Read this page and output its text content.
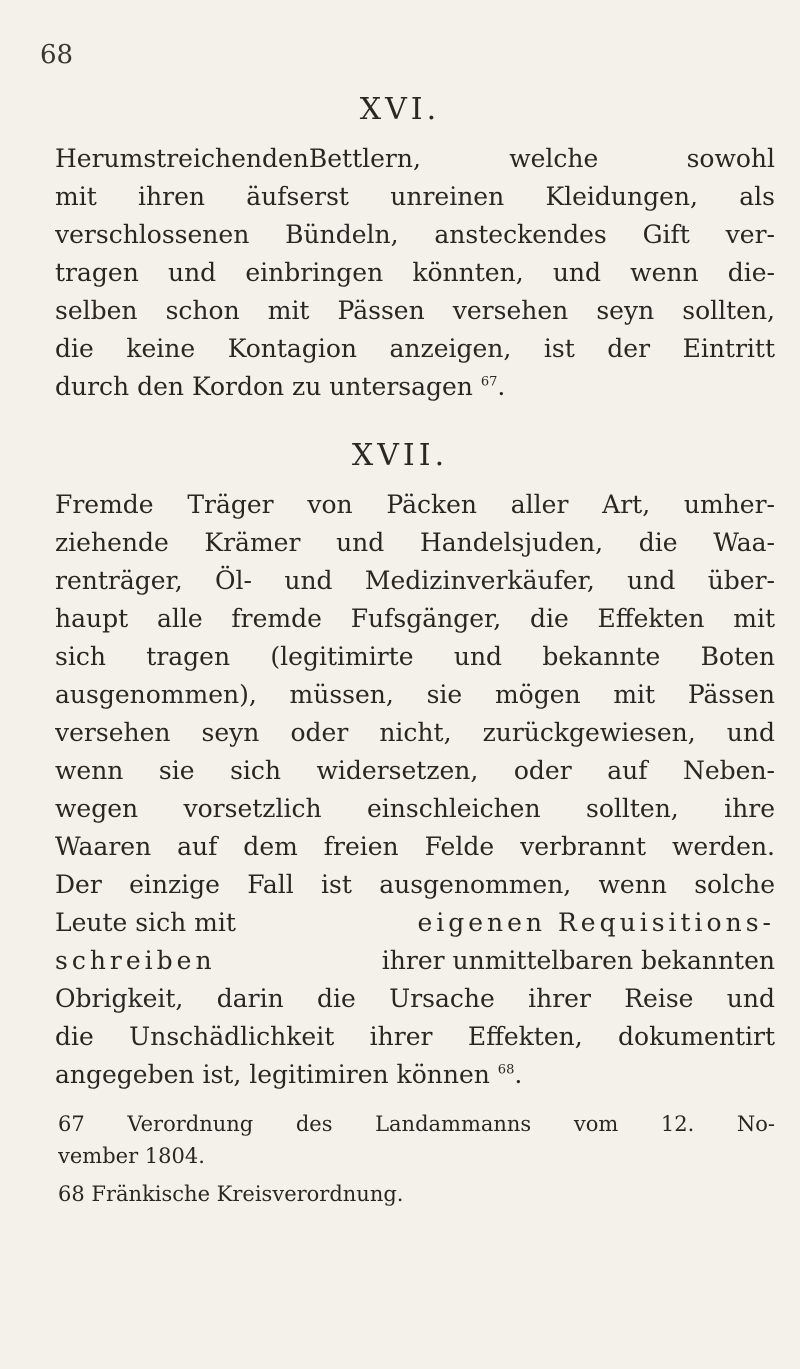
68
XVI.
HerumstreichendenBettlern, welche sowohl
mit ihren äufserst unreinen Kleidungen, als
verschlossenen Bündeln, ansteckendes Gift ver-
tragen und einbringen könnten, und wenn die-
selben schon mit Pässen versehen seyn sollten,
die keine Kontagion anzeigen, ist der Eintritt
durch den Kordon zu untersagen $^{67}$.
XVII.
Fremde Träger von Päcken aller Art, umher-
ziehende Krämer und Handelsjuden, die Waa-
renträger, Öl- und Medizinverkäufer, und über-
haupt alle fremde Fufsgänger, die Effekten mit
sich tragen (legitimirte und bekannte Boten
ausgenommen), müssen, sie mögen mit Pässen
versehen seyn oder nicht, zurückgewiesen, und
wenn sie sich widersetzen, oder auf Neben-
wegen vorsetzlich einschleichen sollten, ihre
Waaren auf dem freien Felde verbrannt werden.
Der einzige Fall ist ausgenommen, wenn solche
Leute sich mit	eigenen Requisitions-
schreiben	ihrer unmittelbaren bekannten
Obrigkeit, darin die Ursache ihrer Reise und
die Unschädlichkeit ihrer Effekten, dokumentirt
angegeben ist, legitimiren können $^{68}$.
67 Verordnung des Landammanns vom 12. No-
vember 1804.
68 Fränkische Kreisverordnung.
